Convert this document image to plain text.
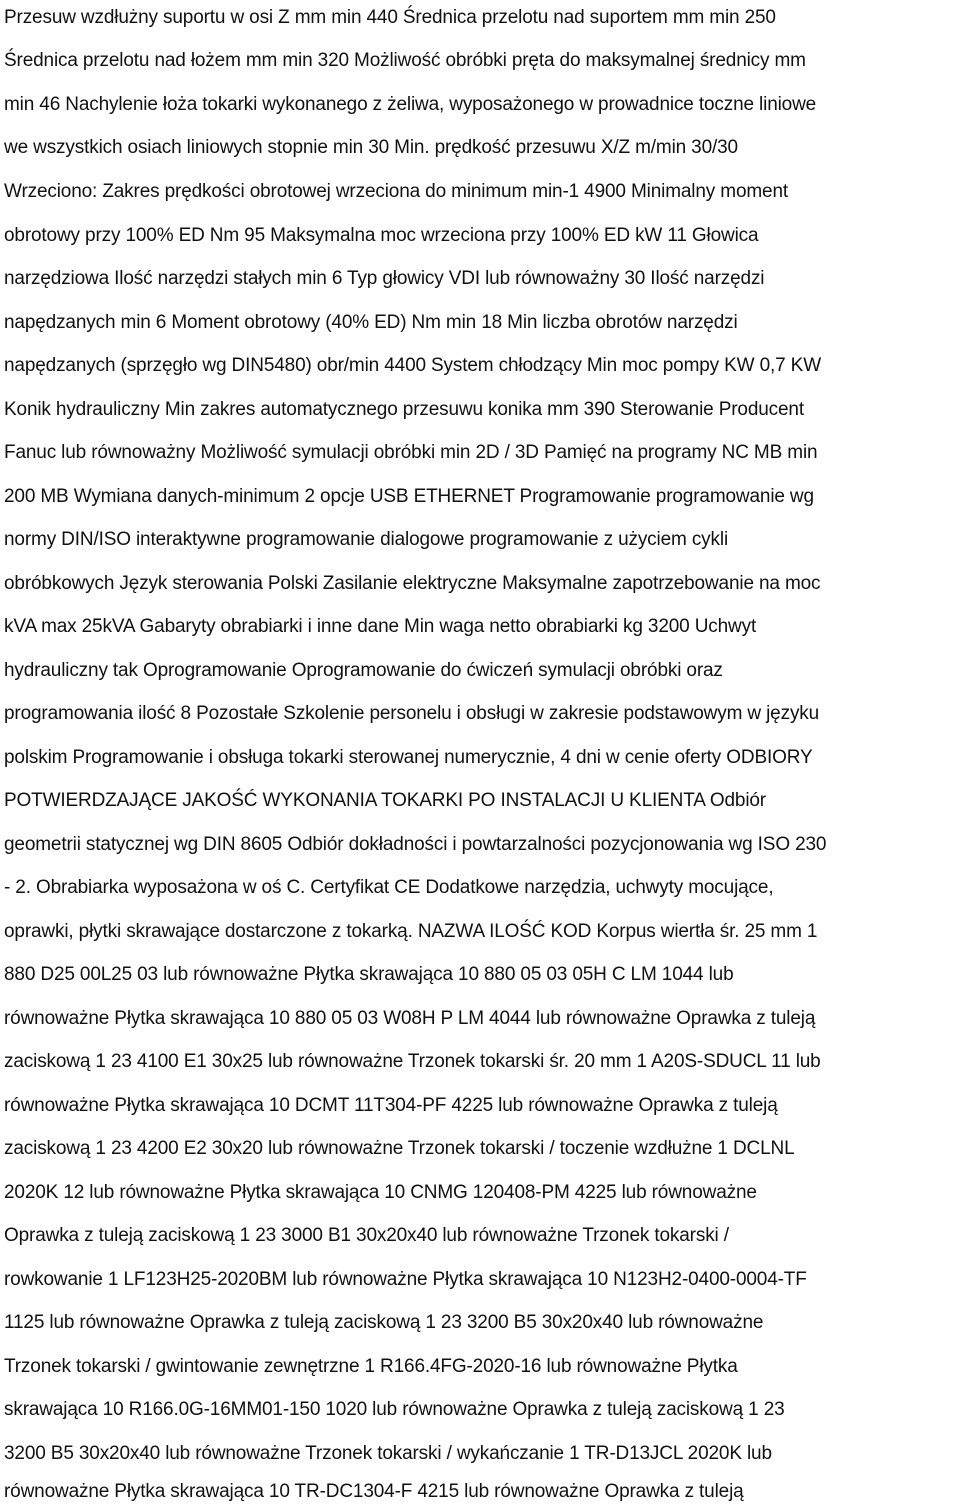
Przesuw wzdłużny suportu w osi Z mm min 440 Średnica przelotu nad suportem mm min 250
Średnica przelotu nad łożem mm min 320 Możliwość obróbki pręta do maksymalnej średnicy mm
min 46 Nachylenie łoża tokarki wykonanego z żeliwa, wyposażonego w prowadnice toczne liniowe
we wszystkich osiach liniowych stopnie min 30 Min. prędkość przesuwu X/Z m/min 30/30
Wrzeciono: Zakres prędkości obrotowej wrzeciona do minimum min-1 4900 Minimalny moment
obrotowy przy 100% ED Nm 95 Maksymalna moc wrzeciona przy 100% ED kW 11 Głowica
narzędziowa Ilość narzędzi stałych min 6 Typ głowicy VDI lub równoważny 30 Ilość narzędzi
napędzanych min 6 Moment obrotowy (40% ED) Nm min 18 Min liczba obrotów narzędzi
napędzanych (sprzęgło wg DIN5480) obr/min 4400 System chłodzący Min moc pompy KW 0,7 KW
Konik hydrauliczny Min zakres automatycznego przesuwu konika mm 390 Sterowanie Producent
Fanuc lub równoważny Możliwość symulacji obróbki min 2D / 3D Pamięć na programy NC MB min
200 MB Wymiana danych-minimum 2 opcje USB ETHERNET Programowanie programowanie wg
normy DIN/ISO interaktywne programowanie dialogowe programowanie z użyciem cykli
obróbkowych Język sterowania Polski Zasilanie elektryczne Maksymalne zapotrzebowanie na moc
kVA max 25kVA Gabaryty obrabiarki i inne dane Min waga netto obrabiarki kg 3200 Uchwyt
hydrauliczny tak Oprogramowanie Oprogramowanie do ćwiczeń symulacji obróbki oraz
programowania ilość 8 Pozostałe Szkolenie personelu i obsługi w zakresie podstawowym w języku
polskim Programowanie i obsługa tokarki sterowanej numerycznie, 4 dni w cenie oferty ODBIORY
POTWIERDZAJĄCE JAKOŚĆ WYKONANIA TOKARKI PO INSTALACJI U KLIENTA Odbiór
geometrii statycznej wg DIN 8605 Odbiór dokładności i powtarzalności pozycjonowania wg ISO 230
- 2. Obrabiarka wyposażona w oś C. Certyfikat CE Dodatkowe narzędzia, uchwyty mocujące,
oprawki, płytki skrawające dostarczone z tokarką. NAZWA ILOŚĆ KOD Korpus wiertła śr. 25 mm 1
880 D25 00L25 03 lub równoważne Płytka skrawająca 10 880 05 03 05H C LM 1044 lub
równoważne Płytka skrawająca 10 880 05 03 W08H P LM 4044 lub równoważne Oprawka z tuleją
zaciskową 1 23 4100 E1 30x25 lub równoważne Trzonek tokarski śr. 20 mm 1 A20S-SDUCL 11 lub
równoważne Płytka skrawająca 10 DCMT 11T304-PF 4225 lub równoważne Oprawka z tuleją
zaciskową 1 23 4200 E2 30x20 lub równoważne Trzonek tokarski / toczenie wzdłużne 1 DCLNL
2020K 12 lub równoważne Płytka skrawająca 10 CNMG 120408-PM 4225 lub równoważne
Oprawka z tuleją zaciskową 1 23 3000 B1 30x20x40 lub równoważne Trzonek tokarski /
rowkowanie 1 LF123H25-2020BM lub równoważne Płytka skrawająca 10 N123H2-0400-0004-TF
1125 lub równoważne Oprawka z tuleją zaciskową 1 23 3200 B5 30x20x40 lub równoważne
Trzonek tokarski / gwintowanie zewnętrzne 1 R166.4FG-2020-16 lub równoważne Płytka
skrawająca 10 R166.0G-16MM01-150 1020 lub równoważne Oprawka z tuleją zaciskową 1 23
3200 B5 30x20x40 lub równoważne Trzonek tokarski / wykańczanie 1 TR-D13JCL 2020K lub
równoważne Płytka skrawająca 10 TR-DC1304-F 4215 lub równoważne Oprawka z tuleją
